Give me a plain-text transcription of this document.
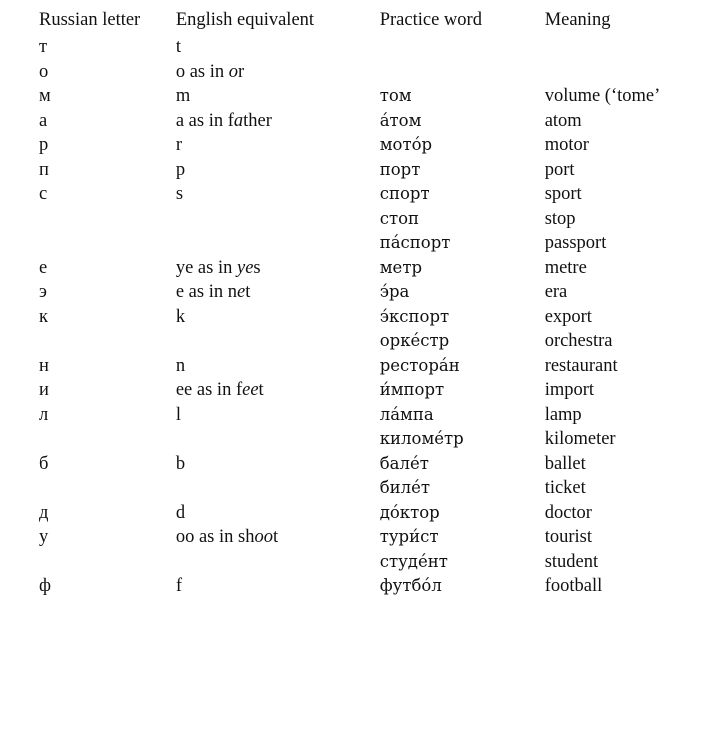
Russian letter	English equivalent	Practice word	Meaning
т	t		
о	o as in or		
м	m	том	volume (‘tome’
а	a as in father	áтом	atom
р	r	мотóр	motor
п	p	порт	port
с	s	спорт	sport
		стоп	stop
		пáспорт	passport
е	ye as in yes	метр	metre
э	e as in net	э́ра	era
к	k	э́кспорт	export
		оркéстр	orchestra
н	n	ресторáн	restaurant
и	ee as in feet	и́мпорт	import
л	l	лáмпа	lamp
		киломéтр	kilometer
б	b	балéт	ballet
		билéт	ticket
д	d	дóктор	doctor
у	oo as in shoot	тури́ст	tourist
		студéнт	student
ф	f	футбóл	football
